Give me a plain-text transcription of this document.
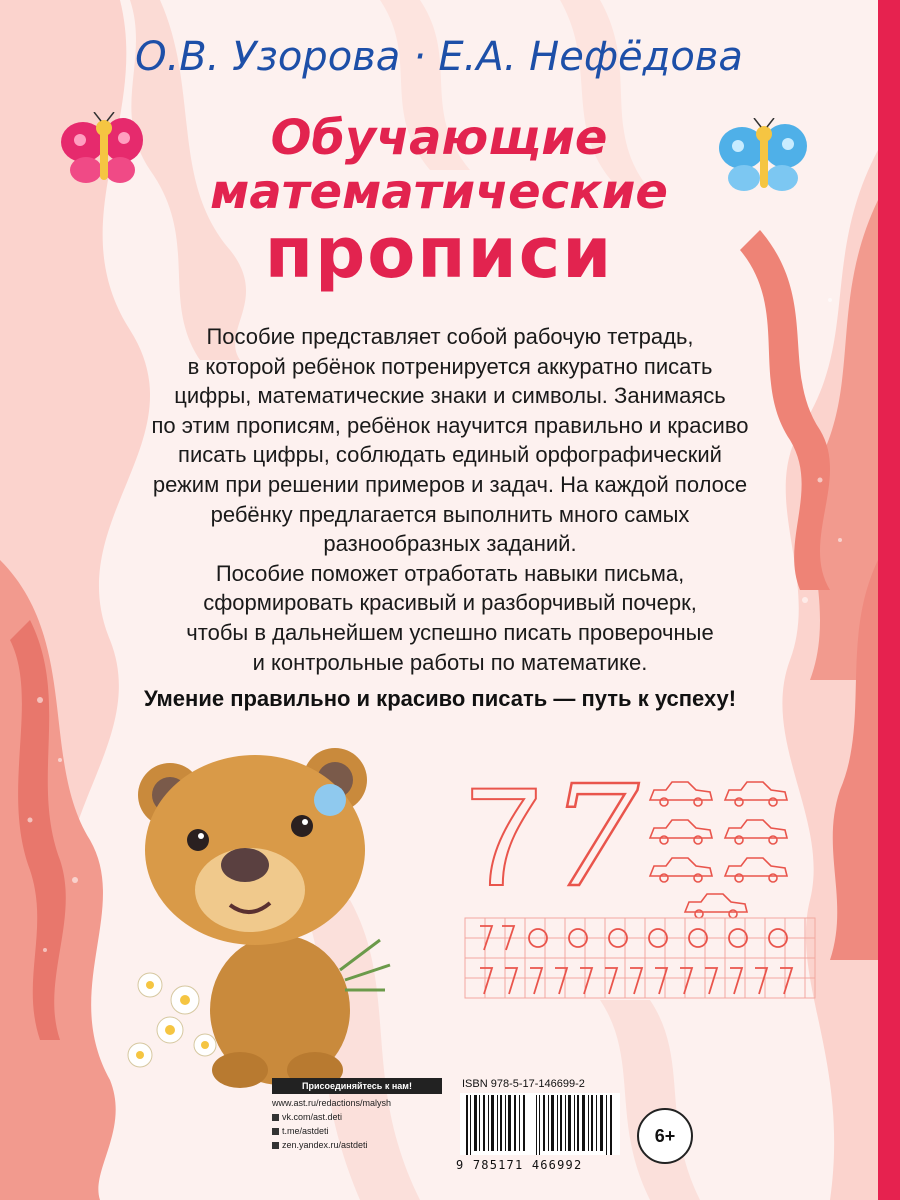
О.В. Узорова · Е.А. Нефёдова
Обучающие
математические
прописи

Пособие представляет собой рабочую тетрадь,

в которой ребёнок потренируется аккуратно писать

цифры, математические знаки и символы. Занимаясь

по этим прописям, ребёнок научится правильно и красиво

писать цифры, соблюдать единый орфографический

режим при решении примеров и задач. На каждой полосе

ребёнку предлагается выполнить много самых

разнообразных заданий.

Пособие поможет отработать навыки письма,

сформировать красивый и разборчивый почерк,

чтобы в дальнейшем успешно писать проверочные

и контрольные работы по математике.

Умение правильно и красиво писать — путь к успеху!
7 7
Присоединяйтесь к нам!
www.ast.ru/redactions/malysh
vk.com/ast.deti
t.me/astdeti
zen.yandex.ru/astdeti
ISBN 978-5-17-146699-2
9 785171 466992
6+
